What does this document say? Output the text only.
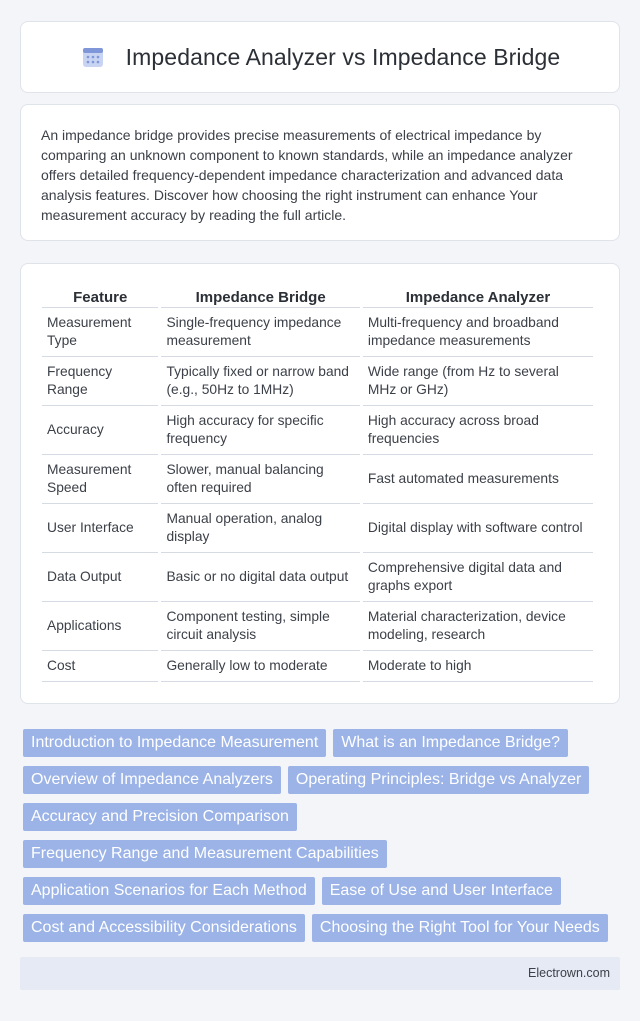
Impedance Analyzer vs Impedance Bridge

An impedance bridge provides precise measurements of electrical impedance by comparing an unknown component to known standards, while an impedance analyzer offers detailed frequency-dependent impedance characterization and advanced data analysis features. Discover how choosing the right instrument can enhance Your measurement accuracy by reading the full article.

Feature	Impedance Bridge	Impedance Analyzer
Measurement Type	Single-frequency impedance measurement	Multi-frequency and broadband impedance measurements
Frequency Range	Typically fixed or narrow band (e.g., 50Hz to 1MHz)	Wide range (from Hz to several MHz or GHz)
Accuracy	High accuracy for specific frequency	High accuracy across broad frequencies
Measurement Speed	Slower, manual balancing often required	Fast automated measurements
User Interface	Manual operation, analog display	Digital display with software control
Data Output	Basic or no digital data output	Comprehensive digital data and graphs export
Applications	Component testing, simple circuit analysis	Material characterization, device modeling, research
Cost	Generally low to moderate	Moderate to high
Introduction to Impedance Measurement	What is an Impedance Bridge?
Overview of Impedance Analyzers	Operating Principles: Bridge vs Analyzer
Accuracy and Precision Comparison
Frequency Range and Measurement Capabilities
Application Scenarios for Each Method	Ease of Use and User Interface
Cost and Accessibility Considerations	Choosing the Right Tool for Your Needs
Electrown.com
